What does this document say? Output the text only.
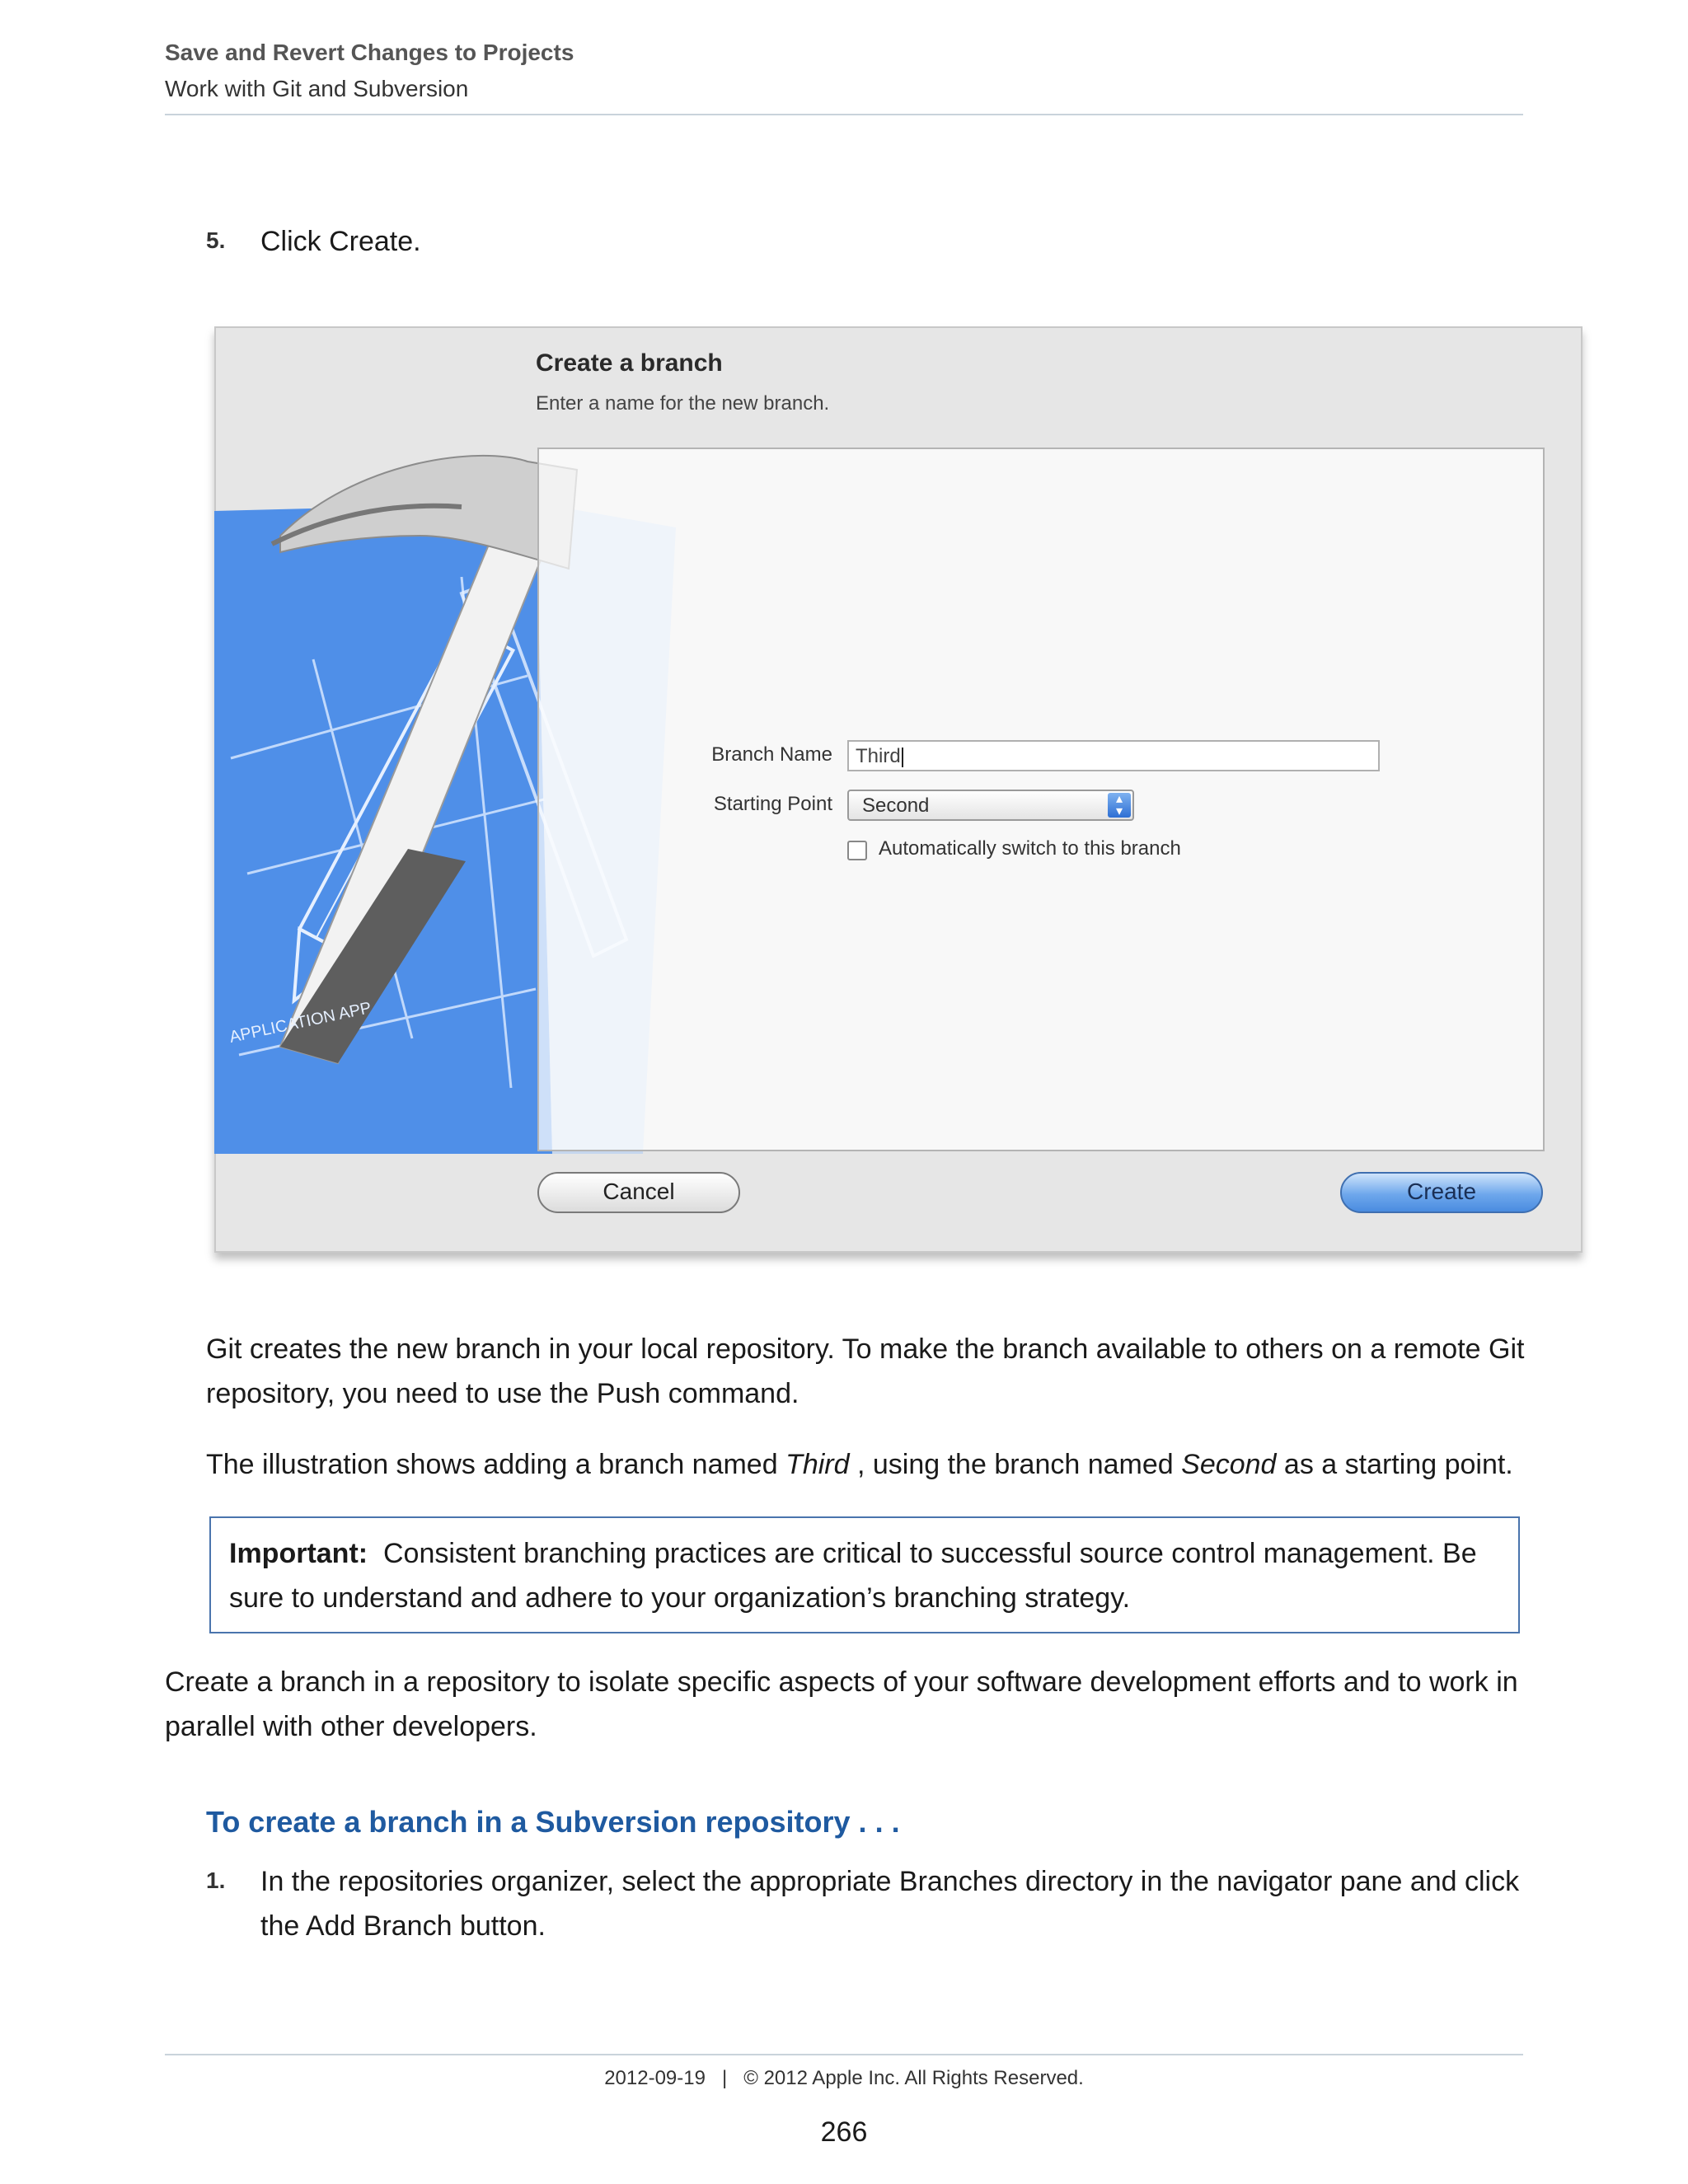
Save and Revert Changes to Projects
Work with Git and Subversion
5. Click Create.
APPLICATION APP
Create a branch
Enter a name for the new branch.
Branch Name	Third
Starting Point	Second	▴
▾
Automatically switch to this branch
Cancel	Create
Git creates the new branch in your local repository. To make the branch available to others on a remote Git repository, you need to use the Push command.
The illustration shows adding a branch named Third , using the branch named Second as a starting point.
Important: Consistent branching practices are critical to successful source control management. Be sure to understand and adhere to your organization’s branching strategy.
Create a branch in a repository to isolate specific aspects of your software development efforts and to work in parallel with other developers.
To create a branch in a Subversion repository . . .
1. In the repositories organizer, select the appropriate Branches directory in the navigator pane and click the Add Branch button.
2012-09-19 | © 2012 Apple Inc. All Rights Reserved.
266
